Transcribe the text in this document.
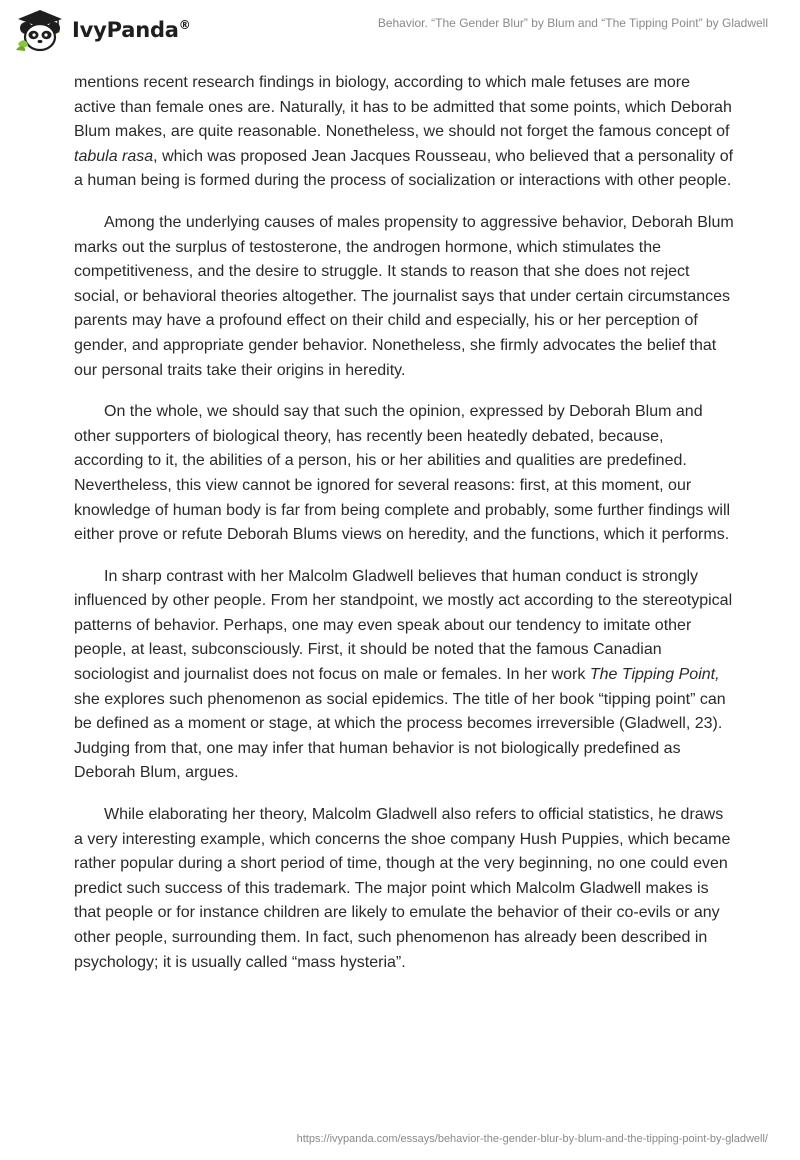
IvyPanda®	Behavior. “The Gender Blur” by Blum and “The Tipping Point” by Gladwell

mentions recent research findings in biology, according to which male fetuses are more active than female ones are. Naturally, it has to be admitted that some points, which Deborah Blum makes, are quite reasonable. Nonetheless, we should not forget the famous concept of tabula rasa, which was proposed Jean Jacques Rousseau, who believed that a personality of a human being is formed during the process of socialization or interactions with other people.

Among the underlying causes of males propensity to aggressive behavior, Deborah Blum marks out the surplus of testosterone, the androgen hormone, which stimulates the competitiveness, and the desire to struggle. It stands to reason that she does not reject social, or behavioral theories altogether. The journalist says that under certain circumstances parents may have a profound effect on their child and especially, his or her perception of gender, and appropriate gender behavior. Nonetheless, she firmly advocates the belief that our personal traits take their origins in heredity.

On the whole, we should say that such the opinion, expressed by Deborah Blum and other supporters of biological theory, has recently been heatedly debated, because, according to it, the abilities of a person, his or her abilities and qualities are predefined. Nevertheless, this view cannot be ignored for several reasons: first, at this moment, our knowledge of human body is far from being complete and probably, some further findings will either prove or refute Deborah Blums views on heredity, and the functions, which it performs.

In sharp contrast with her Malcolm Gladwell believes that human conduct is strongly influenced by other people. From her standpoint, we mostly act according to the stereotypical patterns of behavior. Perhaps, one may even speak about our tendency to imitate other people, at least, subconsciously. First, it should be noted that the famous Canadian sociologist and journalist does not focus on male or females. In her work The Tipping Point, she explores such phenomenon as social epidemics. The title of her book “tipping point” can be defined as a moment or stage, at which the process becomes irreversible (Gladwell, 23). Judging from that, one may infer that human behavior is not biologically predefined as Deborah Blum, argues.

While elaborating her theory, Malcolm Gladwell also refers to official statistics, he draws a very interesting example, which concerns the shoe company Hush Puppies, which became rather popular during a short period of time, though at the very beginning, no one could even predict such success of this trademark. The major point which Malcolm Gladwell makes is that people or for instance children are likely to emulate the behavior of their co-evils or any other people, surrounding them. In fact, such phenomenon has already been described in psychology; it is usually called “mass hysteria”.

https://ivypanda.com/essays/behavior-the-gender-blur-by-blum-and-the-tipping-point-by-gladwell/
